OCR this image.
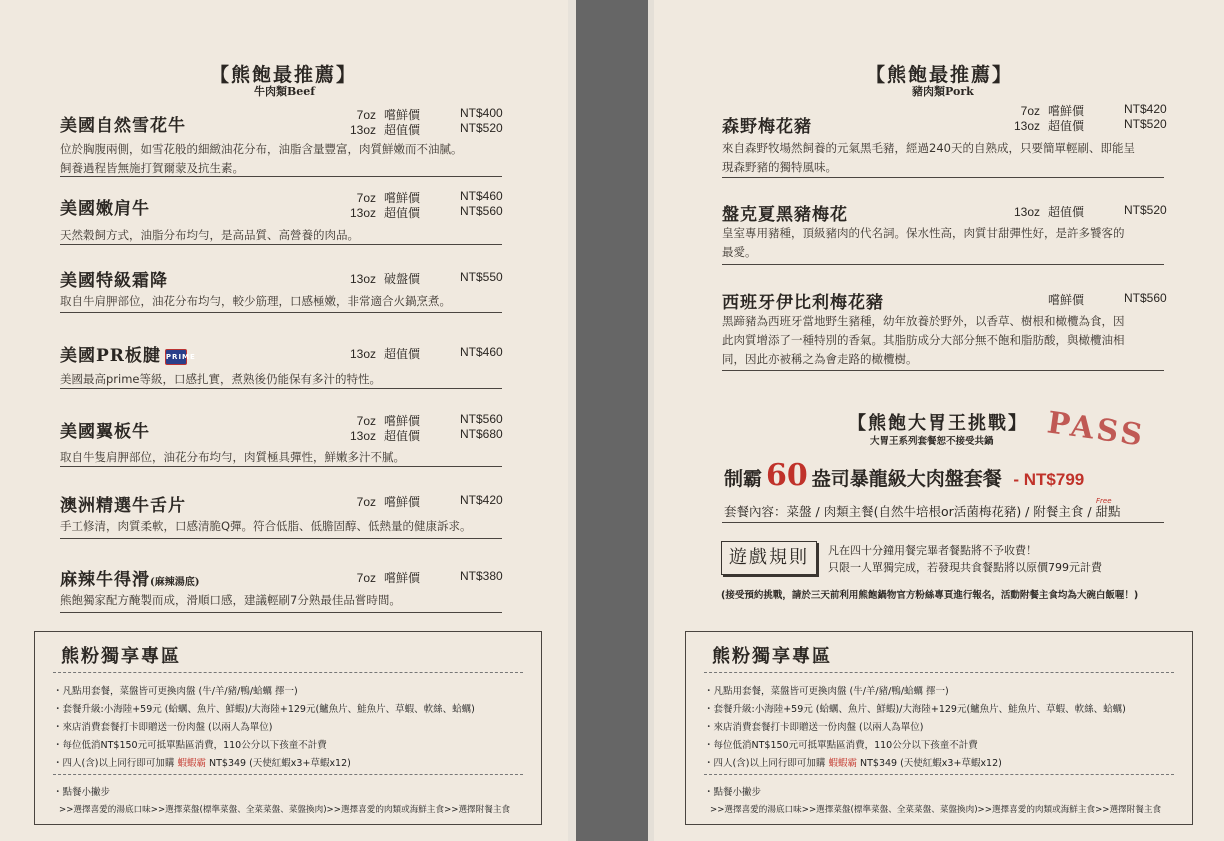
【熊飽最推薦】
牛肉類Beef
美國自然雪花牛
7oz 嚐鮮價	NT$400
13oz 超值價	NT$520
位於胸腹兩側，如雪花般的細緻油花分布，油脂含量豐富，肉質鮮嫩而不油膩。
飼養過程皆無施打賀爾蒙及抗生素。
美國嫩肩牛
7oz 嚐鮮價	NT$460
13oz 超值價	NT$560
天然穀飼方式，油脂分布均勻，是高品質、高營養的肉品。
美國特級霜降	13oz 破盤價	NT$550
取自牛肩胛部位，油花分布均勻，較少筋理，口感極嫩，非常適合火鍋烹煮。
美國PR板腱 PRIME	13oz 超值價	NT$460
美國最高prime等級，口感扎實，煮熟後仍能保有多汁的特性。
美國翼板牛
7oz 嚐鮮價	NT$560
13oz 超值價	NT$680
取自牛隻肩胛部位，油花分布均勻，肉質極具彈性，鮮嫩多汁不膩。
澳洲精選牛舌片	7oz 嚐鮮價	NT$420
手工修清，肉質柔軟，口感清脆Q彈。符合低脂、低膽固醇、低熱量的健康訴求。
麻辣牛得滑(麻辣湯底)	7oz 嚐鮮價	NT$380
熊飽獨家配方醃製而成，滑順口感，建議輕刷7分熟最佳品嘗時間。
熊粉獨享專區
・凡點用套餐，菜盤皆可更換肉盤 (牛/羊/豬/鴨/蛤蠣 擇一)
・套餐升級:小海陸+59元 (蛤蠣、魚片、鮮蝦)/大海陸+129元(鱸魚片、鮭魚片、草蝦、軟絲、蛤蠣)
・來店消費套餐打卡即贈送一份肉盤 (以兩人為單位)
・每位低消NT$150元可抵單點區消費，110公分以下孩童不計費
・四人(含)以上同行即可加購 蝦蝦霸 NT$349 (天使紅蝦x3+草蝦x12)
・點餐小撇步
>>選擇喜愛的湯底口味>>選擇菜盤(標準菜盤、全菜菜盤、菜盤換肉)>>選擇喜愛的肉類或海鮮主食>>選擇附餐主食
【熊飽最推薦】
豬肉類Pork
森野梅花豬
7oz 嚐鮮價	NT$420
13oz 超值價	NT$520
來自森野牧場然飼養的元氣黑毛豬，經過240天的自熟成，只要簡單輕刷、即能呈
現森野豬的獨特風味。
盤克夏黑豬梅花	13oz 超值價	NT$520
皇室專用豬種，頂級豬肉的代名詞。保水性高，肉質甘甜彈性好，是許多饕客的
最愛。
西班牙伊比利梅花豬	嚐鮮價	NT$560
黑蹄豬為西班牙當地野生豬種，幼年放養於野外，以香草、樹根和橄欖為食，因
此肉質增添了一種特別的香氣。其脂肪成分大部分無不飽和脂肪酸，與橄欖油相
同，因此亦被稱之為會走路的橄欖樹。
【熊飽大胃王挑戰】
大胃王系列套餐恕不接受共鍋 PASS
制霸 60 盎司暴龍級大肉盤套餐 - NT$799
套餐內容：菜盤 / 肉類主餐(自然牛培根or活菌梅花豬) / 附餐主食 / 甜點
Free
遊戲規則	凡在四十分鐘用餐完畢者餐點將不予收費！
只限一人單獨完成，若發現共食餐點將以原價799元計費
(接受預約挑戰，請於三天前利用熊飽鍋物官方粉絲專頁進行報名，活動附餐主食均為大碗白飯喔！)
熊粉獨享專區
・凡點用套餐，菜盤皆可更換肉盤 (牛/羊/豬/鴨/蛤蠣 擇一)
・套餐升級:小海陸+59元 (蛤蠣、魚片、鮮蝦)/大海陸+129元(鱸魚片、鮭魚片、草蝦、軟絲、蛤蠣)
・來店消費套餐打卡即贈送一份肉盤 (以兩人為單位)
・每位低消NT$150元可抵單點區消費，110公分以下孩童不計費
・四人(含)以上同行即可加購 蝦蝦霸 NT$349 (天使紅蝦x3+草蝦x12)
・點餐小撇步
>>選擇喜愛的湯底口味>>選擇菜盤(標準菜盤、全菜菜盤、菜盤換肉)>>選擇喜愛的肉類或海鮮主食>>選擇附餐主食
